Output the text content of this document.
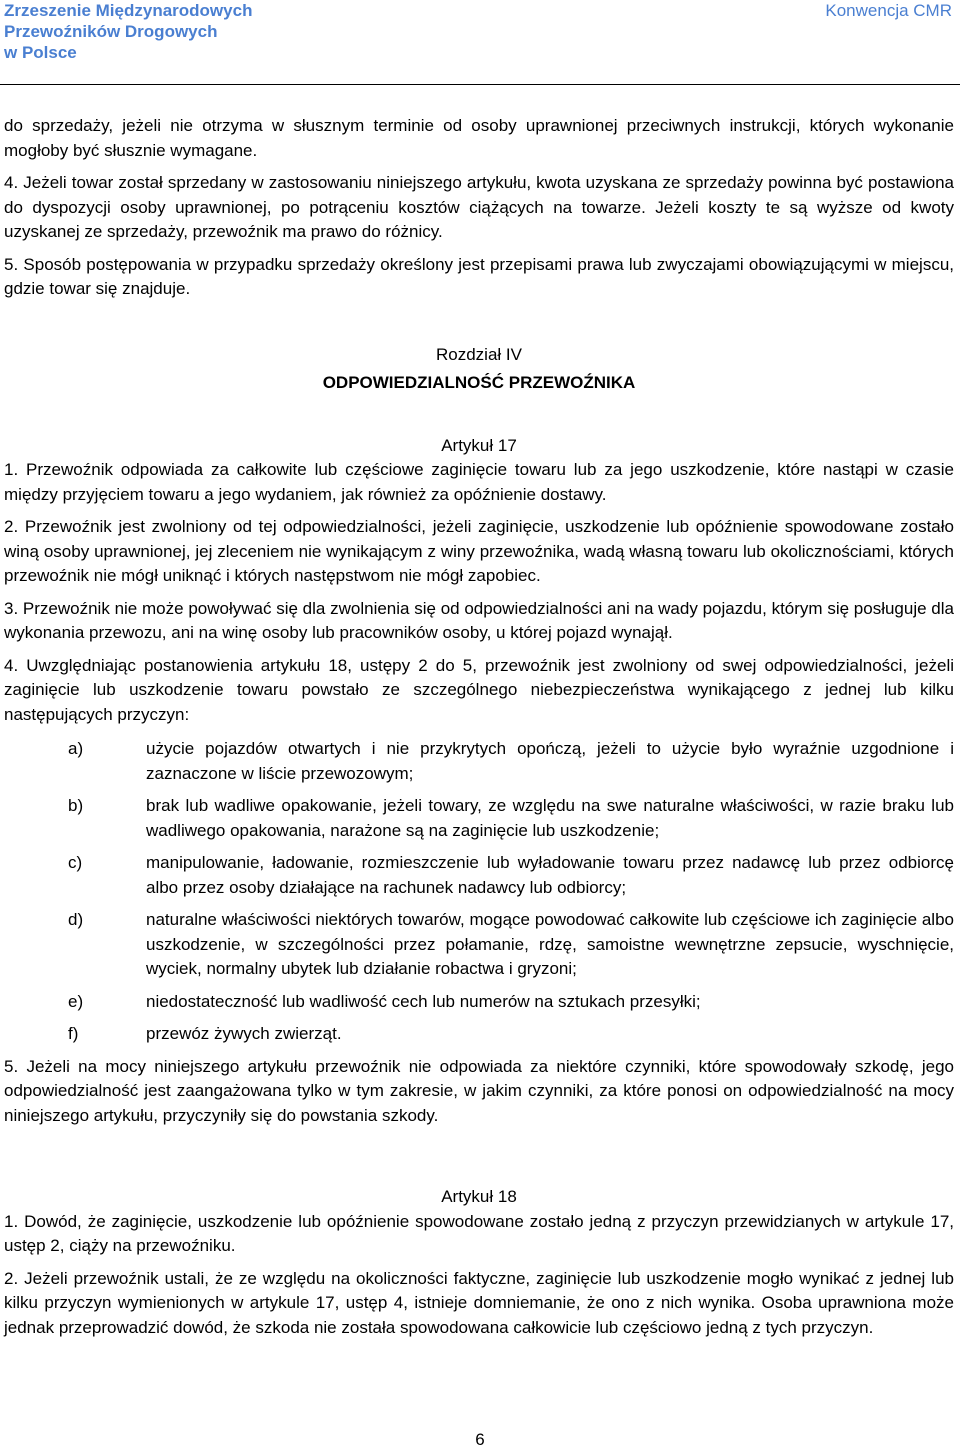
Zrzeszenie Międzynarodowych
Przewoźników Drogowych
w Polsce
Konwencja CMR

do sprzedaży, jeżeli nie otrzyma w słusznym terminie od osoby uprawnionej przeciwnych instrukcji, których wykonanie mogłoby być słusznie wymagane.

4. Jeżeli towar został sprzedany w zastosowaniu niniejszego artykułu, kwota uzyskana ze sprzedaży powinna być postawiona do dyspozycji osoby uprawnionej, po potrąceniu kosztów ciążących na towarze. Jeżeli koszty te są wyższe od kwoty uzyskanej ze sprzedaży, przewoźnik ma prawo do różnicy.

5. Sposób postępowania w przypadku sprzedaży określony jest przepisami prawa lub zwyczajami obowiązującymi w miejscu, gdzie towar się znajduje.

Rozdział IV

ODPOWIEDZIALNOŚĆ PRZEWOŹNIKA

Artykuł 17

1. Przewoźnik odpowiada za całkowite lub częściowe zaginięcie towaru lub za jego uszkodzenie, które nastąpi w czasie między przyjęciem towaru a jego wydaniem, jak również za opóźnienie dostawy.

2. Przewoźnik jest zwolniony od tej odpowiedzialności, jeżeli zaginięcie, uszkodzenie lub opóźnienie spowodowane zostało winą osoby uprawnionej, jej zleceniem nie wynikającym z winy przewoźnika, wadą własną towaru lub okolicznościami, których przewoźnik nie mógł uniknąć i których następstwom nie mógł zapobiec.

3. Przewoźnik nie może powoływać się dla zwolnienia się od odpowiedzialności ani na wady pojazdu, którym się posługuje dla wykonania przewozu, ani na winę osoby lub pracowników osoby, u której pojazd wynajął.

4. Uwzględniając postanowienia artykułu 18, ustępy 2 do 5, przewoźnik jest zwolniony od swej odpowiedzialności, jeżeli zaginięcie lub uszkodzenie towaru powstało ze szczególnego niebezpieczeństwa wynikającego z jednej lub kilku następujących przyczyn:

a)	użycie pojazdów otwartych i nie przykrytych opończą, jeżeli to użycie było wyraźnie uzgodnione i zaznaczone w liście przewozowym;
b)	brak lub wadliwe opakowanie, jeżeli towary, ze względu na swe naturalne właściwości, w razie braku lub wadliwego opakowania, narażone są na zaginięcie lub uszkodzenie;
c)	manipulowanie, ładowanie, rozmieszczenie lub wyładowanie towaru przez nadawcę lub przez odbiorcę albo przez osoby działające na rachunek nadawcy lub odbiorcy;
d)	naturalne właściwości niektórych towarów, mogące powodować całkowite lub częściowe ich zaginięcie albo uszkodzenie, w szczególności przez połamanie, rdzę, samoistne wewnętrzne zepsucie, wyschnięcie, wyciek, normalny ubytek lub działanie robactwa i gryzoni;
e)	niedostateczność lub wadliwość cech lub numerów na sztukach przesyłki;
f)	przewóz żywych zwierząt.

5. Jeżeli na mocy niniejszego artykułu przewoźnik nie odpowiada za niektóre czynniki, które spowodowały szkodę, jego odpowiedzialność jest zaangażowana tylko w tym zakresie, w jakim czynniki, za które ponosi on odpowiedzialność na mocy niniejszego artykułu, przyczyniły się do powstania szkody.

Artykuł 18

1. Dowód, że zaginięcie, uszkodzenie lub opóźnienie spowodowane zostało jedną z przyczyn przewidzianych w artykule 17, ustęp 2, ciąży na przewoźniku.

2. Jeżeli przewoźnik ustali, że ze względu na okoliczności faktyczne, zaginięcie lub uszkodzenie mogło wynikać z jednej lub kilku przyczyn wymienionych w artykule 17, ustęp 4, istnieje domniemanie, że ono z nich wynika. Osoba uprawniona może jednak przeprowadzić dowód, że szkoda nie została spowodowana całkowicie lub częściowo jedną z tych przyczyn.

6
